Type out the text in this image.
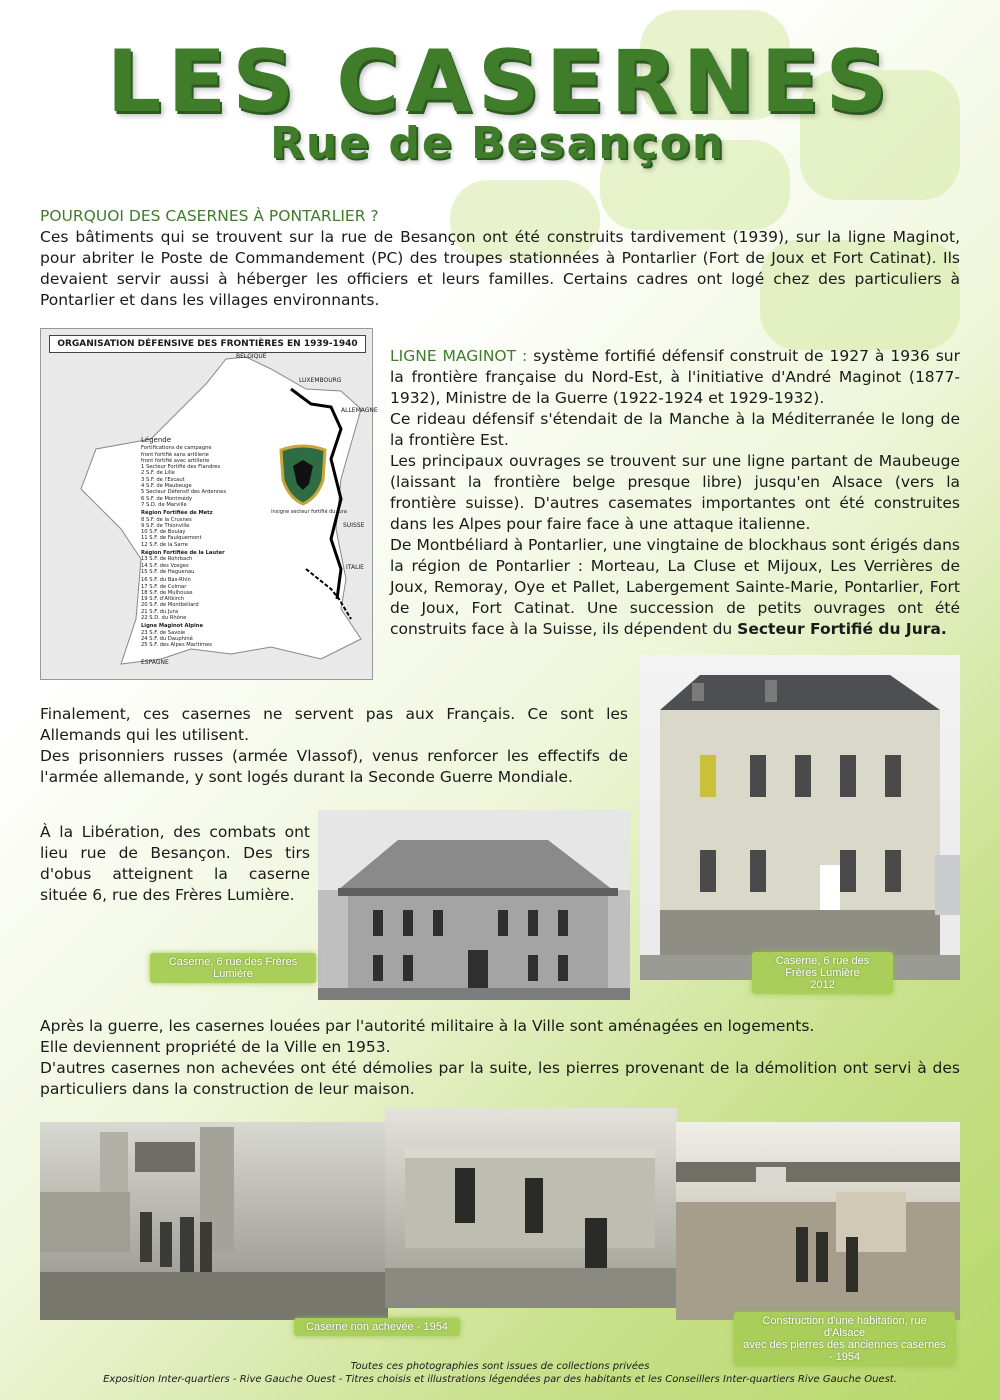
LES CASERNES
Rue de Besançon
POURQUOI DES CASERNES À PONTARLIER ?

Ces bâtiments qui se trouvent sur la rue de Besançon ont été construits tardivement (1939), sur la ligne Maginot, pour abriter le Poste de Commandement (PC) des troupes stationnées à Pontarlier (Fort de Joux et Fort Catinat). Ils devaient servir aussi à héberger les officiers et leurs familles. Certains cadres ont logé chez des particuliers à Pontarlier et dans les villages environnants.

ORGANISATION DÉFENSIVE DES FRONTIÈRES EN 1939-1940
BELGIQUE
LUXEMBOURG
ALLEMAGNE
SUISSE
ITALIE
ESPAGNE
Légende
Fortifications de campagne
front fortifié sans artillerie
front fortifié avec artillerie
1 Secteur Fortifié des Flandres
2 S.F. de Lille
3 S.F. de l'Escaut
4 S.F. de Maubeuge
5 Secteur Défensif des Ardennes
6 S.F. de Montmédy
7 S.D. de Marville
Région Fortifiée de Metz
8 S.F. de la Crusnes
9 S.F. de Thionville
10 S.F. de Boulay
11 S.F. de Faulquemont
12 S.F. de la Sarre
Région Fortifiée de la Lauter
13 S.F. de Rohrbach
14 S.F. des Vosges
15 S.F. de Haguenau
16 S.F. du Bas-Rhin
17 S.F. de Colmar
18 S.F. de Mulhouse
19 S.F. d'Altkirch
20 S.F. de Montbéliard
21 S.F. du Jura
22 S.D. du Rhône
Ligne Maginot Alpine
23 S.F. de Savoie
24 S.F. du Dauphiné
25 S.F. des Alpes Maritimes
Insigne secteur fortifié du Jura

LIGNE MAGINOT : système fortifié défensif construit de 1927 à 1936 sur la frontière française du Nord-Est, à l'initiative d'André Maginot (1877-1932), Ministre de la Guerre (1922-1924 et 1929-1932).

Ce rideau défensif s'étendait de la Manche à la Méditerranée le long de la frontière Est.

Les principaux ouvrages se trouvent sur une ligne partant de Maubeuge (laissant la frontière belge presque libre) jusqu'en Alsace (vers la frontière suisse). D'autres casemates importantes ont été construites dans les Alpes pour faire face à une attaque italienne.

De Montbéliard à Pontarlier, une vingtaine de blockhaus sont érigés dans la région de Pontarlier : Morteau, La Cluse et Mijoux, Les Verrières de Joux, Remoray, Oye et Pallet, Labergement Sainte-Marie, Pontarlier, Fort de Joux, Fort Catinat. Une succession de petits ouvrages ont été construits face à la Suisse, ils dépendent du Secteur Fortifié du Jura.

Finalement, ces casernes ne servent pas aux Français. Ce sont les Allemands qui les utilisent.

Des prisonniers russes (armée Vlassof), venus renforcer les effectifs de l'armée allemande, y sont logés durant la Seconde Guerre Mondiale.

À la Libération, des combats ont lieu rue de Besançon. Des tirs d'obus atteignent la caserne située 6, rue des Frères Lumière.

Caserne, 6 rue des Frères Lumière
2012
Caserne, 6 rue des Frères Lumière

Après la guerre, les casernes louées par l'autorité militaire à la Ville sont aménagées en logements.

Elle deviennent propriété de la Ville en 1953.

D'autres casernes non achevées ont été démolies par la suite, les pierres provenant de la démolition ont servi à des particuliers dans la construction de leur maison.

Caserne non achevée - 1954	Construction d'une habitation, rue d'Alsace
avec des pierres des anciennes casernes - 1954
Toutes ces photographies sont issues de collections privées
Exposition Inter-quartiers - Rive Gauche Ouest - Titres choisis et illustrations légendées par des habitants et les Conseillers Inter-quartiers Rive Gauche Ouest.
